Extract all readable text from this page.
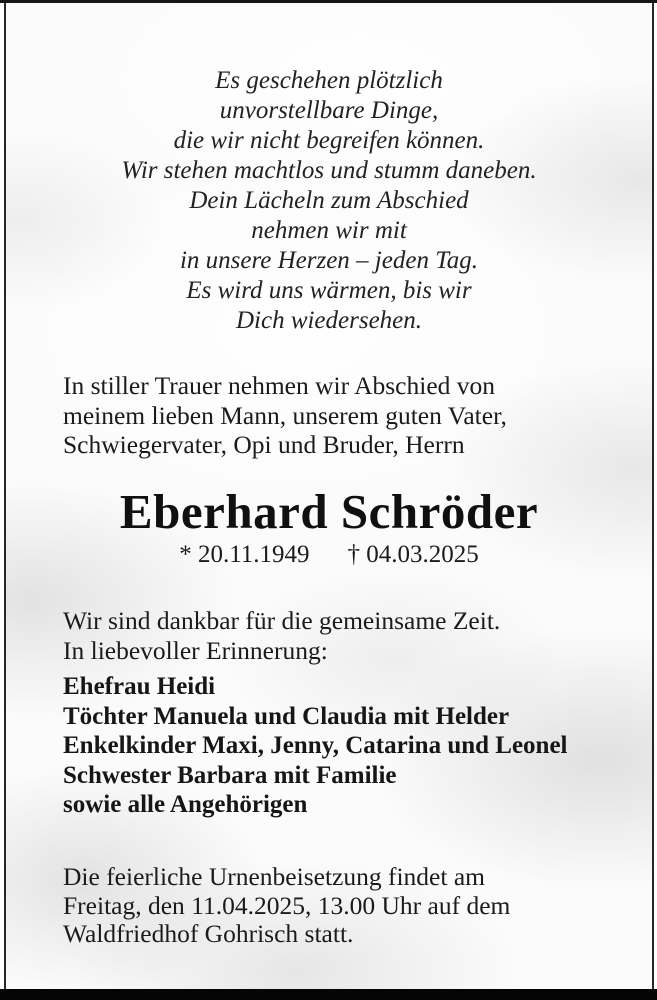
Es geschehen plötzlich
unvorstellbare Dinge,
die wir nicht begreifen können.
Wir stehen machtlos und stumm daneben.
Dein Lächeln zum Abschied
nehmen wir mit
in unsere Herzen – jeden Tag.
Es wird uns wärmen, bis wir
Dich wiedersehen.
In stiller Trauer nehmen wir Abschied von
meinem lieben Mann, unserem guten Vater,
Schwiegervater, Opi und Bruder, Herrn
Eberhard Schröder
* 20.11.1949 † 04.03.2025
Wir sind dankbar für die gemeinsame Zeit.
In liebevoller Erinnerung:
Ehefrau Heidi
Töchter Manuela und Claudia mit Helder
Enkelkinder Maxi, Jenny, Catarina und Leonel
Schwester Barbara mit Familie
sowie alle Angehörigen
Die feierliche Urnenbeisetzung findet am
Freitag, den 11.04.2025, 13.00 Uhr auf dem
Waldfriedhof Gohrisch statt.
